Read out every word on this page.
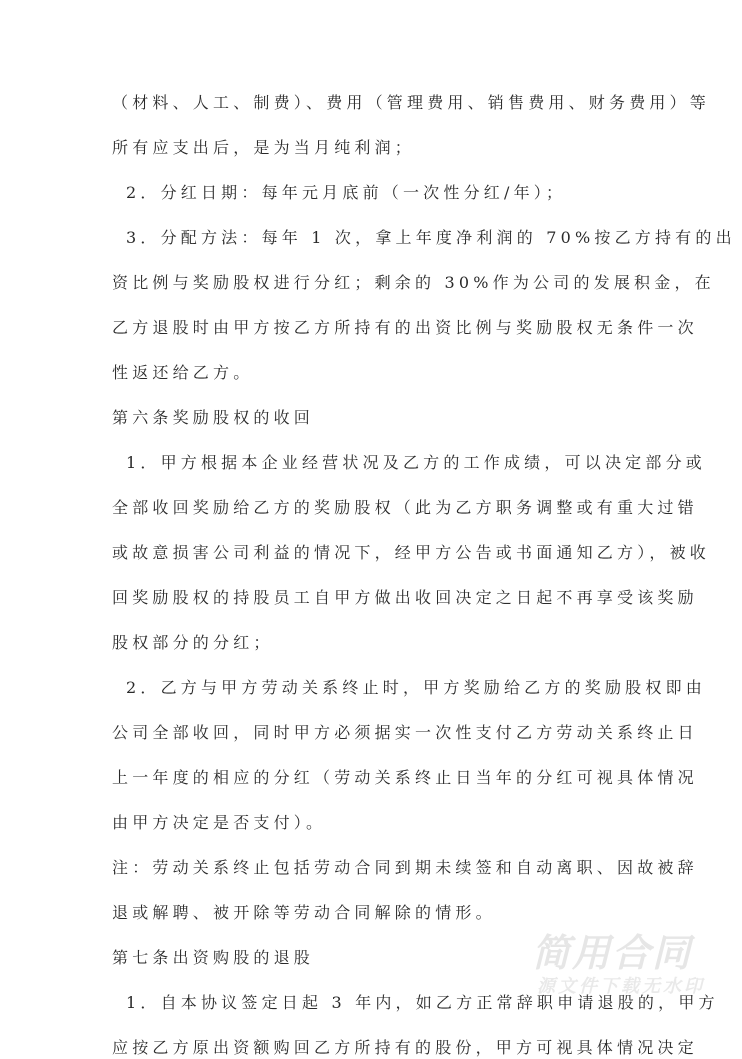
（材料、人工、制费）、费用（管理费用、销售费用、财务费用）等
所有应支出后，是为当月纯利润；
2．分红日期：每年元月底前（一次性分红/年）；
3．分配方法：每年 1 次，拿上年度净利润的 70%按乙方持有的出
资比例与奖励股权进行分红；剩余的 30%作为公司的发展积金，在
乙方退股时由甲方按乙方所持有的出资比例与奖励股权无条件一次
性返还给乙方。
第六条奖励股权的收回
1．甲方根据本企业经营状况及乙方的工作成绩，可以决定部分或
全部收回奖励给乙方的奖励股权（此为乙方职务调整或有重大过错
或故意损害公司利益的情况下，经甲方公告或书面通知乙方），被收
回奖励股权的持股员工自甲方做出收回决定之日起不再享受该奖励
股权部分的分红；
2．乙方与甲方劳动关系终止时，甲方奖励给乙方的奖励股权即由
公司全部收回，同时甲方必须据实一次性支付乙方劳动关系终止日
上一年度的相应的分红（劳动关系终止日当年的分红可视具体情况
由甲方决定是否支付）。
注：劳动关系终止包括劳动合同到期未续签和自动离职、因故被辞
退或解聘、被开除等劳动合同解除的情形。
第七条出资购股的退股
1．自本协议签定日起 3 年内，如乙方正常辞职申请退股的，甲方
应按乙方原出资额购回乙方所持有的股份，甲方可视具体情况决定
简用合同
源文件下载无水印
